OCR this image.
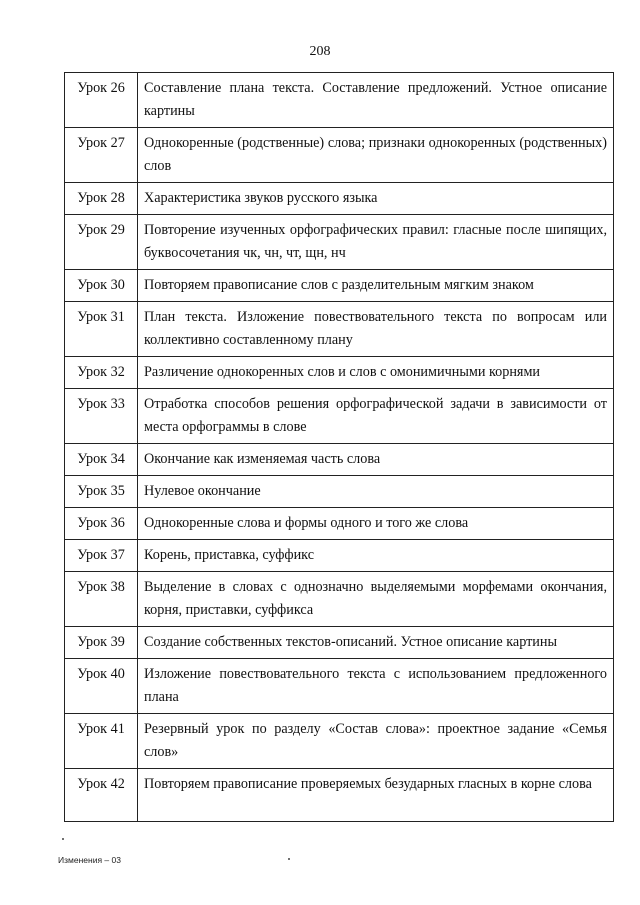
208
Урок 26	Составление плана текста. Составление предложений. Устное описание картины
Урок 27	Однокоренные (родственные) слова; признаки однокоренных (родственных) слов
Урок 28	Характеристика звуков русского языка
Урок 29	Повторение изученных орфографических правил: гласные после шипящих, буквосочетания чк, чн, чт, щн, нч
Урок 30	Повторяем правописание слов с разделительным мягким знаком
Урок 31	План текста. Изложение повествовательного текста по вопросам или коллективно составленному плану
Урок 32	Различение однокоренных слов и слов с омонимичными корнями
Урок 33	Отработка способов решения орфографической задачи в зависимости от места орфограммы в слове
Урок 34	Окончание как изменяемая часть слова
Урок 35	Нулевое окончание
Урок 36	Однокоренные слова и формы одного и того же слова
Урок 37	Корень, приставка, суффикс
Урок 38	Выделение в словах с однозначно выделяемыми морфемами окончания, корня, приставки, суффикса
Урок 39	Создание собственных текстов-описаний. Устное описание картины
Урок 40	Изложение повествовательного текста с использованием предложенного плана
Урок 41	Резервный урок по разделу «Состав слова»: проектное задание «Семья слов»
Урок 42	Повторяем правописание проверяемых безударных гласных в корне слова
Изменения – 03
